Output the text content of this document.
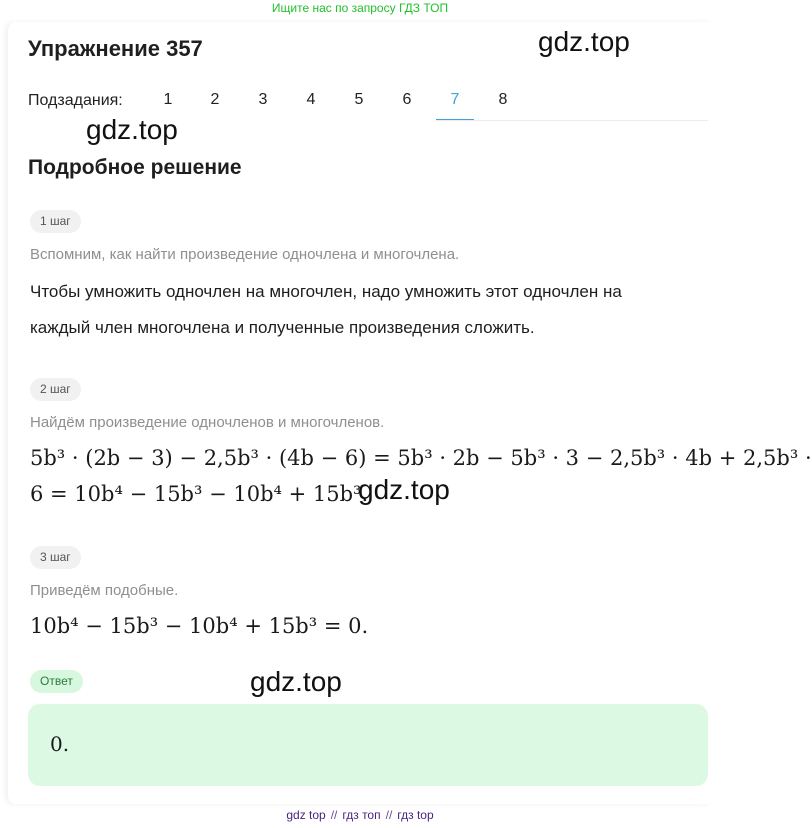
Ищите нас по запросу ГДЗ ТОП
Упражнение 357	gdz.top
Подзадания:	1	2	3	4	5	6	7	8
gdz.top
Подробное решение
1 шаг
Вспомним, как найти произведение одночлена и многочлена.
Чтобы умножить одночлен на многочлен, надо умножить этот одночлен на
каждый член многочлена и полученные произведения сложить.
2 шаг
Найдём произведение одночленов и многочленов.
5b³ · (2b − 3) − 2,5b³ · (4b − 6) = 5b³ · 2b − 5b³ · 3 − 2,5b³ · 4b + 2,5b³ ·
6 = 10b⁴ − 15b³ − 10b⁴ + 15b³.
gdz.top
3 шаг
Приведём подобные.
10b⁴ − 15b³ − 10b⁴ + 15b³ = 0.
Ответ	gdz.top
0.
gdz top // гдз топ // гдз top
